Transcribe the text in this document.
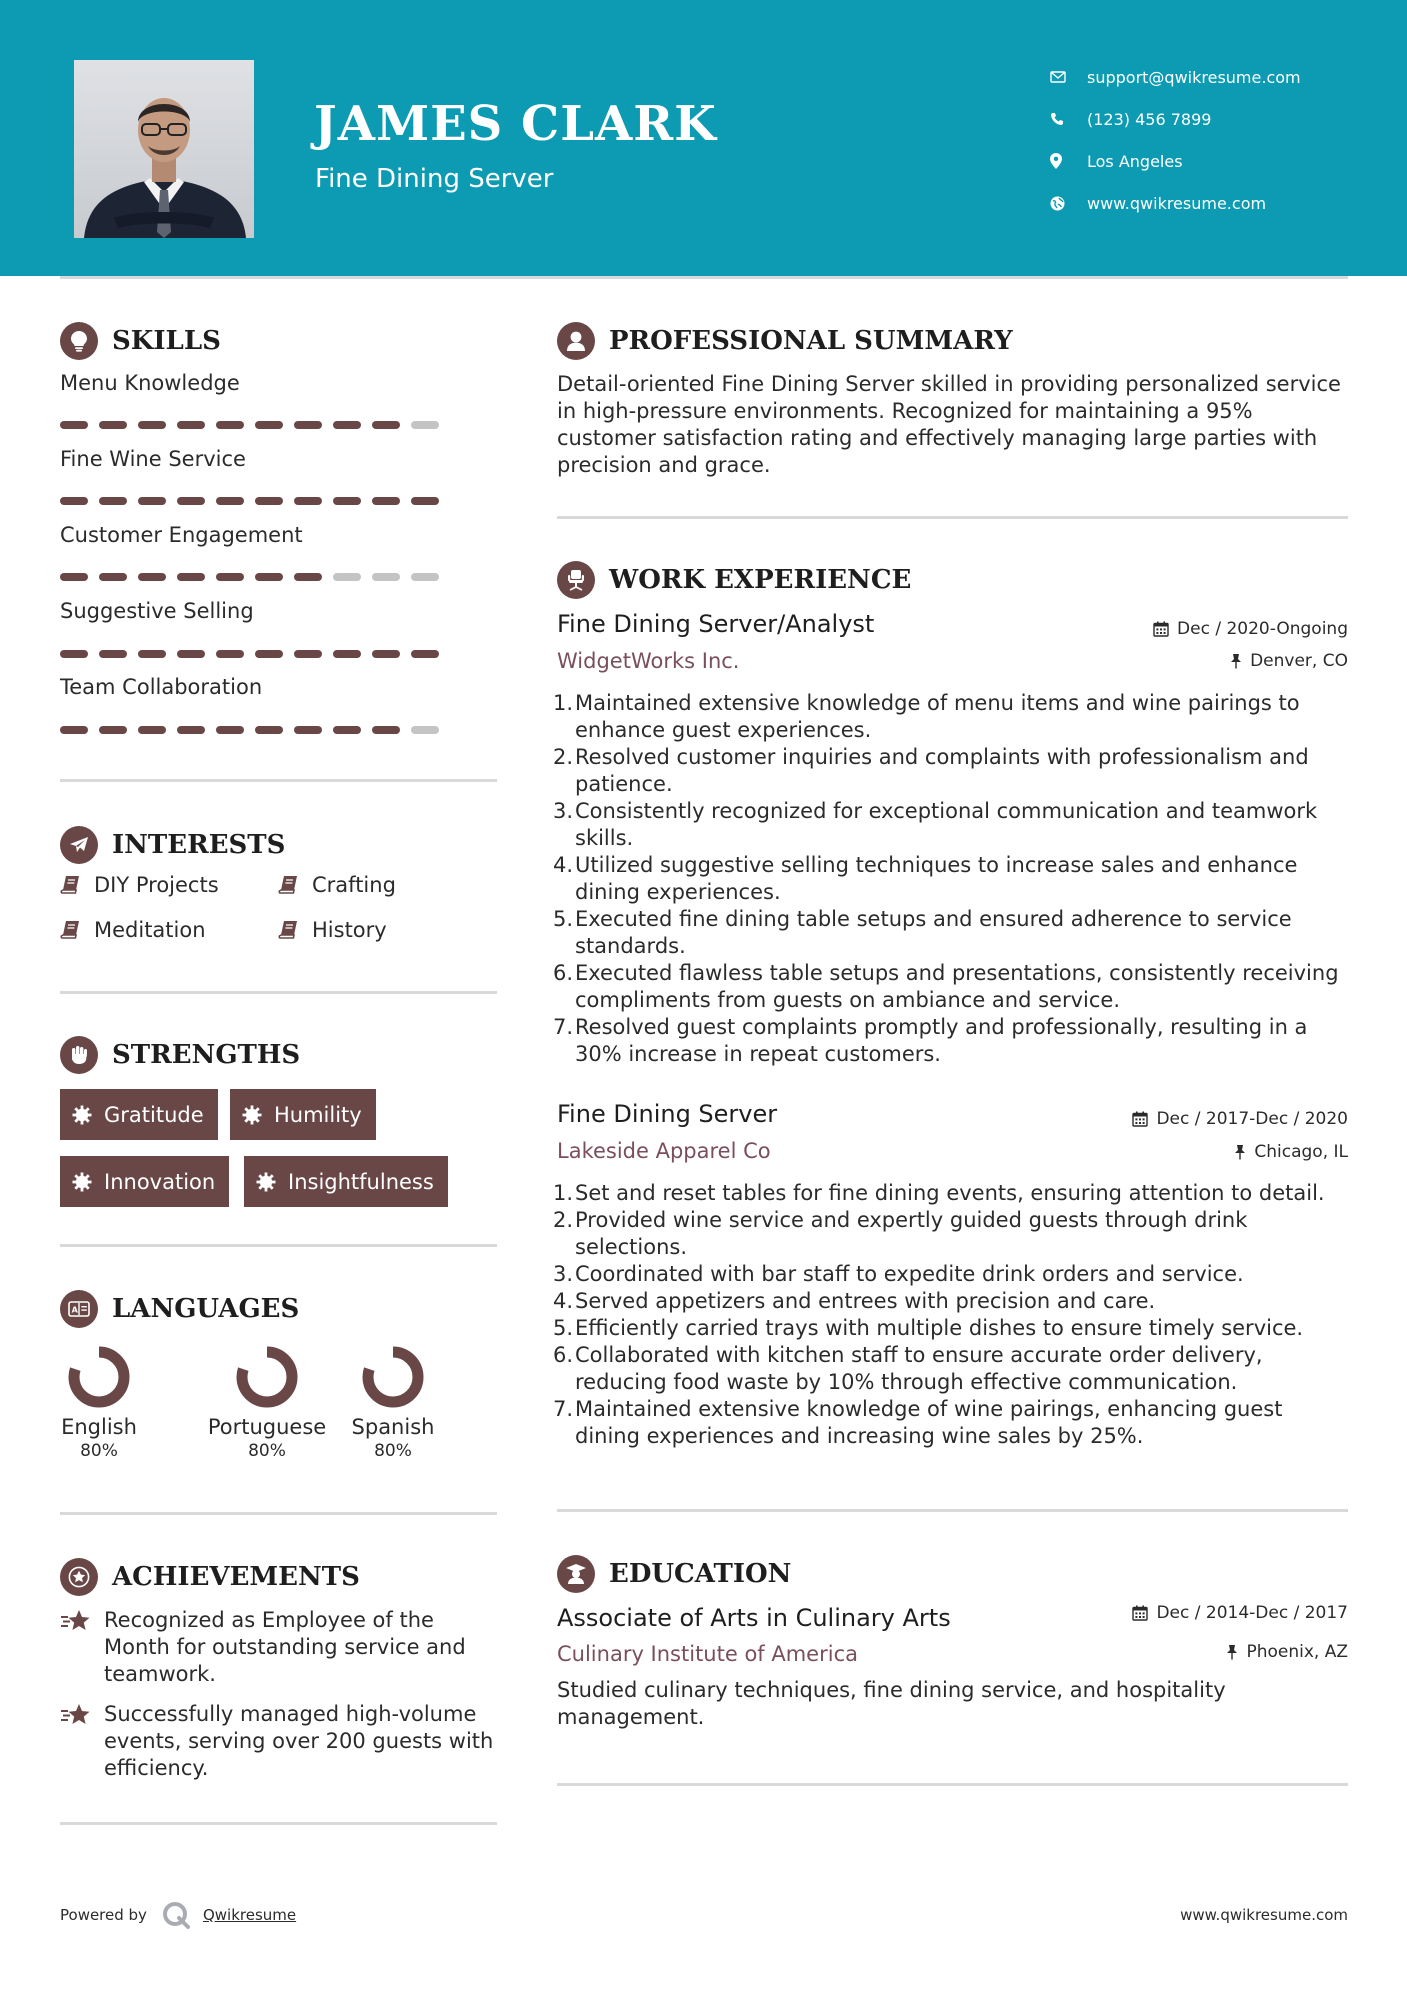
JAMES CLARK
Fine Dining Server
support@qwikresume.com
(123) 456 7899
Los Angeles
www.qwikresume.com
SKILLS
Menu Knowledge
Fine Wine Service
Customer Engagement
Suggestive Selling
Team Collaboration
INTERESTS
DIY Projects	Crafting
Meditation	History
STRENGTHS
Gratitude	Humility
Innovation	Insightfulness
A LANGUAGES
English
80%
Portuguese
80%
Spanish
80%
ACHIEVEMENTS
Recognized as Employee of the Month for outstanding service and teamwork.
Successfully managed high-volume events, serving over 200 guests with efficiency.
PROFESSIONAL SUMMARY
Detail-oriented Fine Dining Server skilled in providing personalized service in high-pressure environments. Recognized for maintaining a 95% customer satisfaction rating and effectively managing large parties with precision and grace.
WORK EXPERIENCE
Fine Dining Server/Analyst	Dec / 2020-Ongoing
WidgetWorks Inc.	Denver, CO
1. Maintained extensive knowledge of menu items and wine pairings to enhance guest experiences.
2. Resolved customer inquiries and complaints with professionalism and patience.
3. Consistently recognized for exceptional communication and teamwork skills.
4. Utilized suggestive selling techniques to increase sales and enhance dining experiences.
5. Executed fine dining table setups and ensured adherence to service standards.
6. Executed flawless table setups and presentations, consistently receiving compliments from guests on ambiance and service.
7. Resolved guest complaints promptly and professionally, resulting in a 30% increase in repeat customers.
Fine Dining Server	Dec / 2017-Dec / 2020
Lakeside Apparel Co	Chicago, IL
1. Set and reset tables for fine dining events, ensuring attention to detail.
2. Provided wine service and expertly guided guests through drink selections.
3. Coordinated with bar staff to expedite drink orders and service.
4. Served appetizers and entrees with precision and care.
5. Efficiently carried trays with multiple dishes to ensure timely service.
6. Collaborated with kitchen staff to ensure accurate order delivery, reducing food waste by 10% through effective communication.
7. Maintained extensive knowledge of wine pairings, enhancing guest dining experiences and increasing wine sales by 25%.
EDUCATION
Associate of Arts in Culinary Arts	Dec / 2014-Dec / 2017
Culinary Institute of America	Phoenix, AZ
Studied culinary techniques, fine dining service, and hospitality management.
Powered by	Qwikresume	www.qwikresume.com
